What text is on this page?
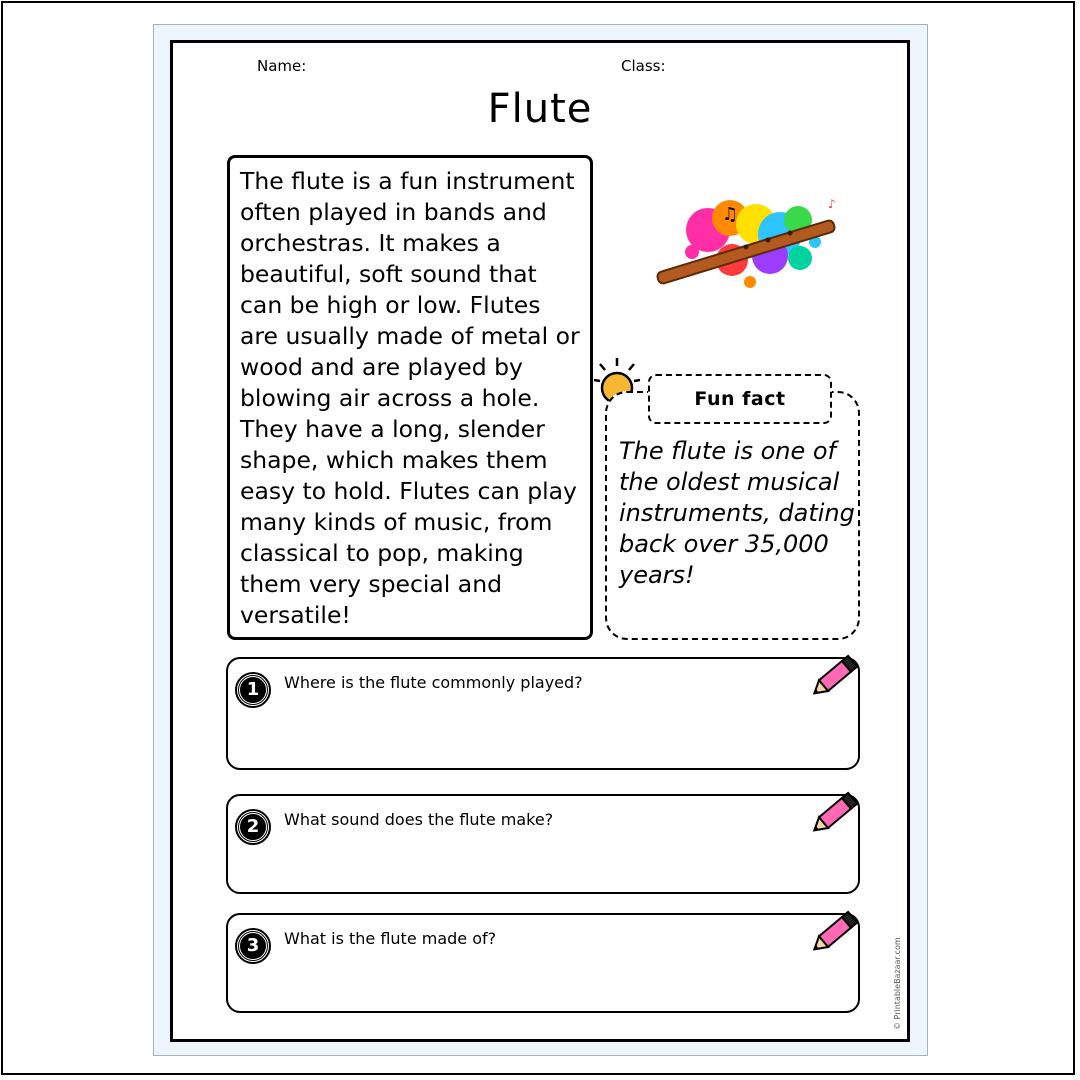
Name:	Class:
Flute
The flute is a fun instrument often played in bands and orchestras. It makes a beautiful, soft sound that can be high or low. Flutes are usually made of metal or wood and are played by blowing air across a hole. They have a long, slender shape, which makes them easy to hold. Flutes can play many kinds of music, from classical to pop, making them very special and versatile!
♫	♪
Fun fact
The flute is one of the oldest musical instruments, dating back over 35,000 years!
1	Where is the flute commonly played?
2	What sound does the flute make?
3	What is the flute made of?	© PrintableBazaar.com
